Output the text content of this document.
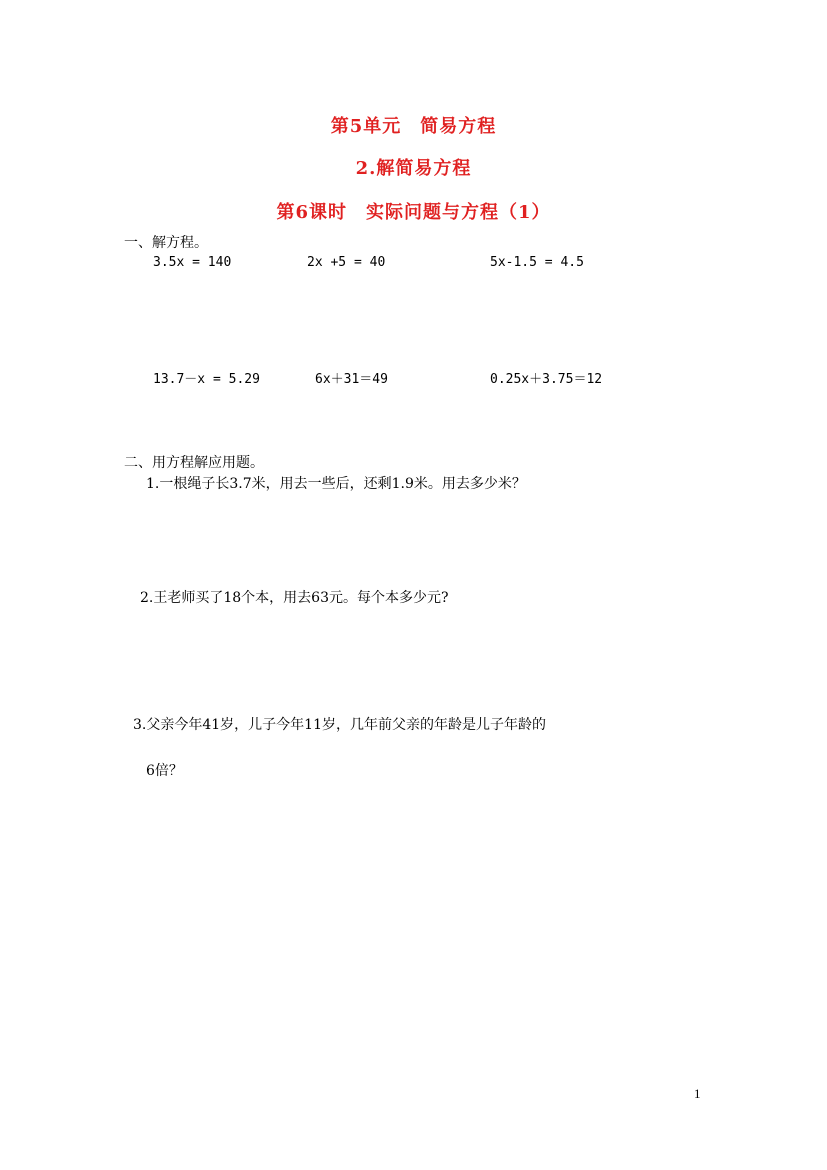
第5单元　简易方程
2.解简易方程
第6课时　实际问题与方程（1）
一、解方程。
3.5x = 140	2x +5 = 40	5x-1.5 = 4.5
13.7－x = 5.29	6x＋31＝49	0.25x＋3.75＝12
二、用方程解应用题。
1.一根绳子长3.7米，用去一些后，还剩1.9米。用去多少米？
2.王老师买了18个本，用去63元。每个本多少元?
3.父亲今年41岁，儿子今年11岁，几年前父亲的年龄是儿子年龄的
6倍？
1
